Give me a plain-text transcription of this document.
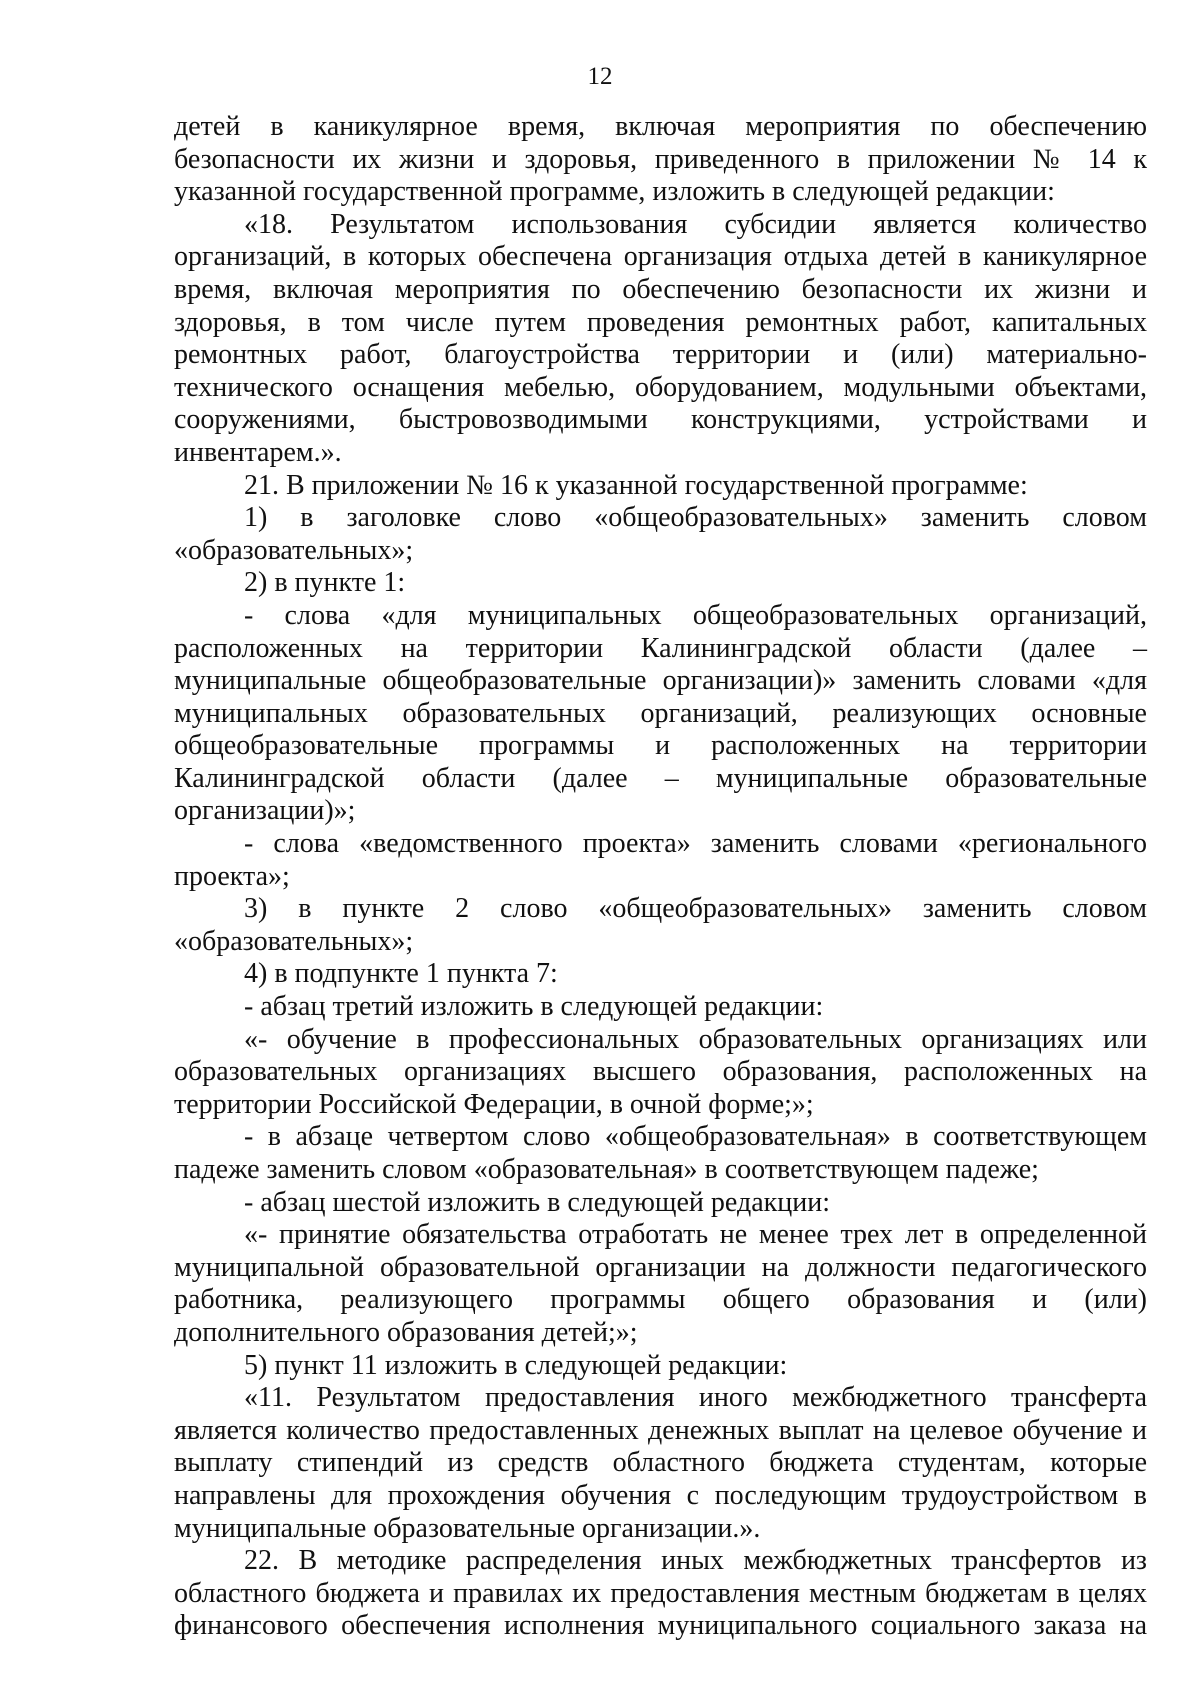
12

детей в каникулярное время, включая мероприятия по обеспечению безопасности их жизни и здоровья, приведенного в приложении № 14 к указанной государственной программе, изложить в следующей редакции:

«18. Результатом использования субсидии является количество организаций, в которых обеспечена организация отдыха детей в каникулярное время, включая мероприятия по обеспечению безопасности их жизни и здоровья, в том числе путем проведения ремонтных работ, капитальных ремонтных работ, благоустройства территории и (или) материально-технического оснащения мебелью, оборудованием, модульными объектами, сооружениями, быстровозводимыми конструкциями, устройствами и инвентарем.».

21. В приложении № 16 к указанной государственной программе:

1) в заголовке слово «общеобразовательных» заменить словом «образовательных»;

2) в пункте 1:

- слова «для муниципальных общеобразовательных организаций, расположенных на территории Калининградской области (далее – муниципальные общеобразовательные организации)» заменить словами «для муниципальных образовательных организаций, реализующих основные общеобразовательные программы и расположенных на территории Калининградской области (далее – муниципальные образовательные организации)»;

- слова «ведомственного проекта» заменить словами «регионального проекта»;

3) в пункте 2 слово «общеобразовательных» заменить словом «образовательных»;

4) в подпункте 1 пункта 7:

- абзац третий изложить в следующей редакции:

«- обучение в профессиональных образовательных организациях или образовательных организациях высшего образования, расположенных на территории Российской Федерации, в очной форме;»;

- в абзаце четвертом слово «общеобразовательная» в соответствующем падеже заменить словом «образовательная» в соответствующем падеже;

- абзац шестой изложить в следующей редакции:

«- принятие обязательства отработать не менее трех лет в определенной муниципальной образовательной организации на должности педагогического работника, реализующего программы общего образования и (или) дополнительного образования детей;»;

5) пункт 11 изложить в следующей редакции:

«11. Результатом предоставления иного межбюджетного трансферта является количество предоставленных денежных выплат на целевое обучение и выплату стипендий из средств областного бюджета студентам, которые направлены для прохождения обучения с последующим трудоустройством в муниципальные образовательные организации.».

22. В методике распределения иных межбюджетных трансфертов из областного бюджета и правилах их предоставления местным бюджетам в целях финансового обеспечения исполнения муниципального социального заказа на
